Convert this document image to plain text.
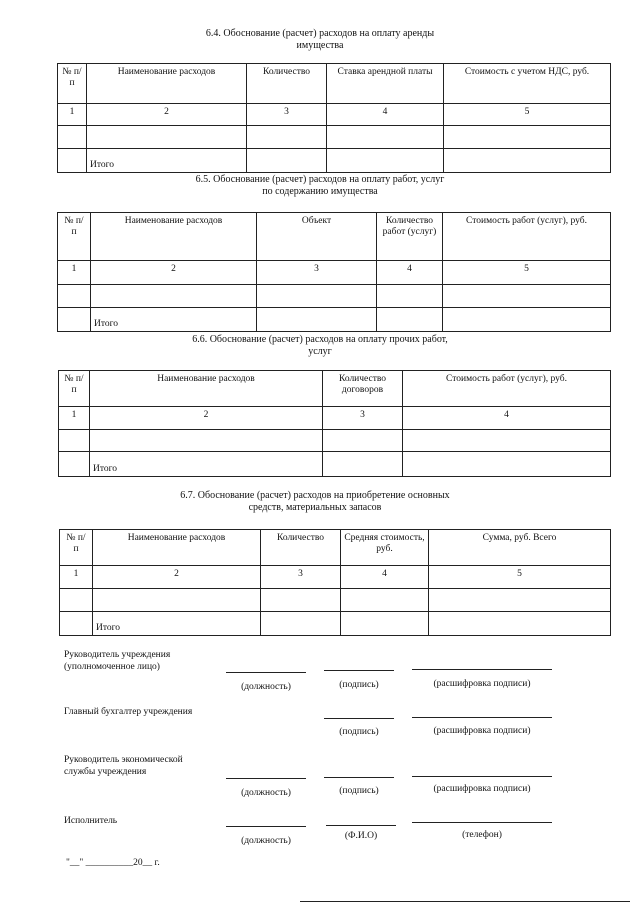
6.4. Обоснование (расчет) расходов на оплату аренды
имущества
№ п/п	Наименование расходов	Количество	Ставка арендной платы	Стоимость с учетом НДС, руб.
1	2	3	4	5

	Итого			
6.5. Обоснование (расчет) расходов на оплату работ, услуг
по содержанию имущества
№ п/ п	Наименование расходов	Объект	Количество работ (услуг)	Стоимость работ (услуг), руб.
1	2	3	4	5

	Итого			
6.6. Обоснование (расчет) расходов на оплату прочих работ,
услуг
№ п/п	Наименование расходов	Количество договоров	Стоимость работ (услуг), руб.
1	2	3	4

	Итого		
6.7. Обоснование (расчет) расходов на приобретение основных
средств, материальных запасов
№ п/ п	Наименование расходов	Количество	Средняя стоимость, руб.	Сумма, руб. Всего
1	2	3	4	5

	Итого			
Руководитель учреждения
(уполномоченное лицо)
(должность)	(подпись)	(расшифровка подписи)
Главный бухгалтер учреждения
(подпись)	(расшифровка подписи)
Руководитель экономической
службы учреждения
(должность)	(подпись)	(расшифровка подписи)
Исполнитель
(должность)	(Ф.И.О)	(телефон)
"__" __________20__ г.
